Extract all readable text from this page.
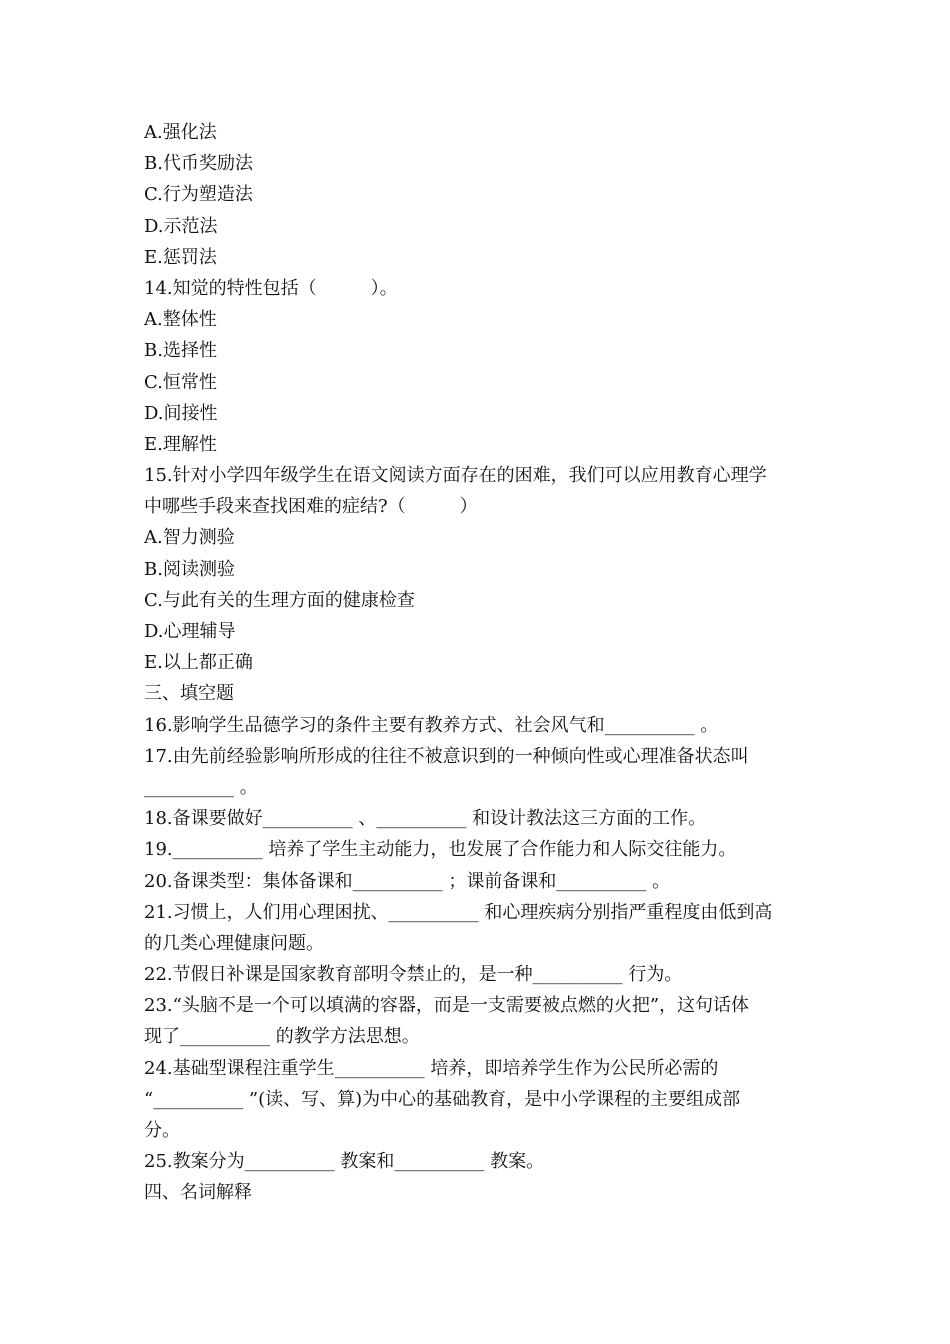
A.强化法
B.代币奖励法
C.行为塑造法
D.示范法
E.惩罚法
14.知觉的特性包括（　　　）。
A.整体性
B.选择性
C.恒常性
D.间接性
E.理解性
15.针对小学四年级学生在语文阅读方面存在的困难，我们可以应用教育心理学
中哪些手段来查找困难的症结?（　　　）
A.智力测验
B.阅读测验
C.与此有关的生理方面的健康检查
D.心理辅导
E.以上都正确
三、填空题
16.影响学生品德学习的条件主要有教养方式、社会风气和__________ 。
17.由先前经验影响所形成的往往不被意识到的一种倾向性或心理准备状态叫
__________ 。
18.备课要做好__________ 、__________ 和设计教法这三方面的工作。
19.__________ 培养了学生主动能力，也发展了合作能力和人际交往能力。
20.备课类型：集体备课和__________ ；课前备课和__________ 。
21.习惯上，人们用心理困扰、__________ 和心理疾病分别指严重程度由低到高
的几类心理健康问题。
22.节假日补课是国家教育部明令禁止的，是一种__________ 行为。
23.“头脑不是一个可以填满的容器，而是一支需要被点燃的火把”，这句话体
现了__________ 的教学方法思想。
24.基础型课程注重学生__________ 培养，即培养学生作为公民所必需的
“__________ ”(读、写、算)为中心的基础教育，是中小学课程的主要组成部
分。
25.教案分为__________ 教案和__________ 教案。
四、名词解释
